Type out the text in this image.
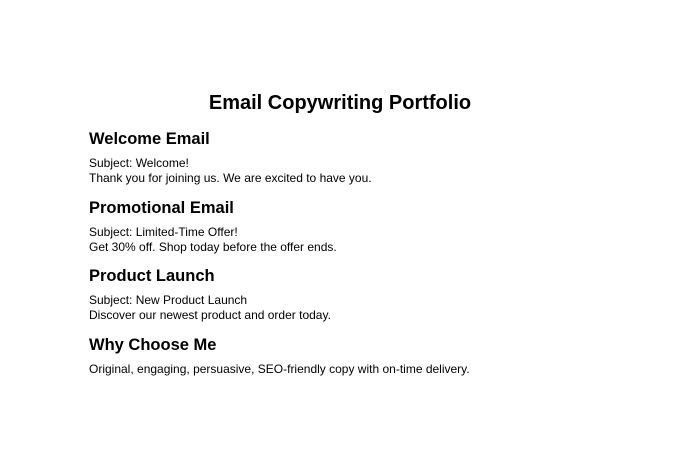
Email Copywriting Portfolio
Welcome Email

Subject: Welcome!

Thank you for joining us. We are excited to have you.

Promotional Email

Subject: Limited-Time Offer!

Get 30% off. Shop today before the offer ends.

Product Launch

Subject: New Product Launch

Discover our newest product and order today.

Why Choose Me

Original, engaging, persuasive, SEO-friendly copy with on-time delivery.
